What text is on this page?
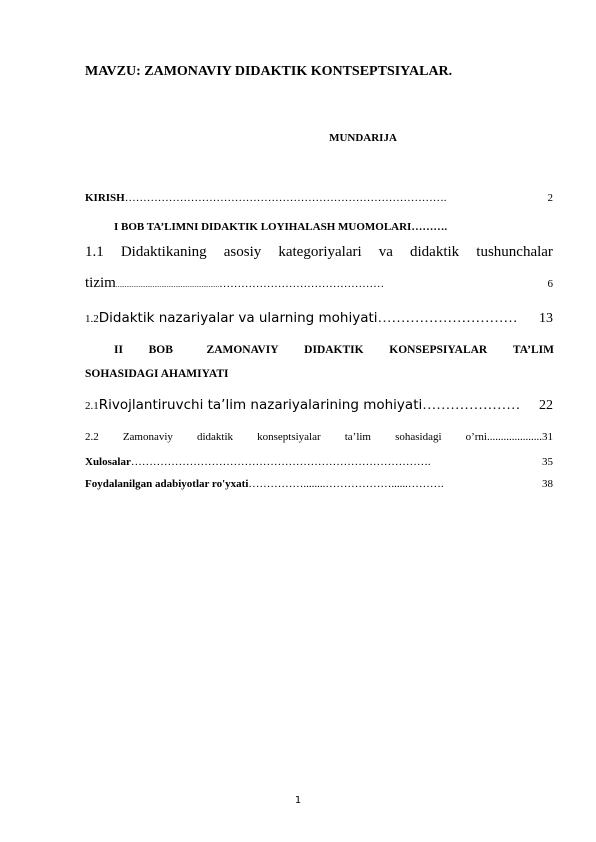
MAVZU: ZAMONAVIY DIDAKTIK KONTSEPTSIYALAR.
MUNDARIJA
KIRISH …………………………………………………………………………….	2
I BOB TA’LIMNI DIDAKTIK LOYIHALASH MUOMOLARI……….
1.1 Didaktikaning asosiy kategoriyalari va didaktik tushunchalar
tizim ........................................................... ………………………………………	6
1.2 Didaktik nazariyalar va ularning mohiyati …………………………	13
II BOB	ZAMONAVIY DIDAKTIK KONSEPSIYALAR TA’LIM
SOHASIDAGI AHAMIYATI
2.1 Rivojlantiruvchi ta’lim nazariyalarining mohiyati …………………	22
2.2 Zamonaviy didaktik konseptsiyalar ta’lim sohasidagi o’rni....................31
Xulosalar ……………………………………………………………………….	35
Foydalanilgan adabiyotlar ro'yxati ……………........………………......……….	38
1
